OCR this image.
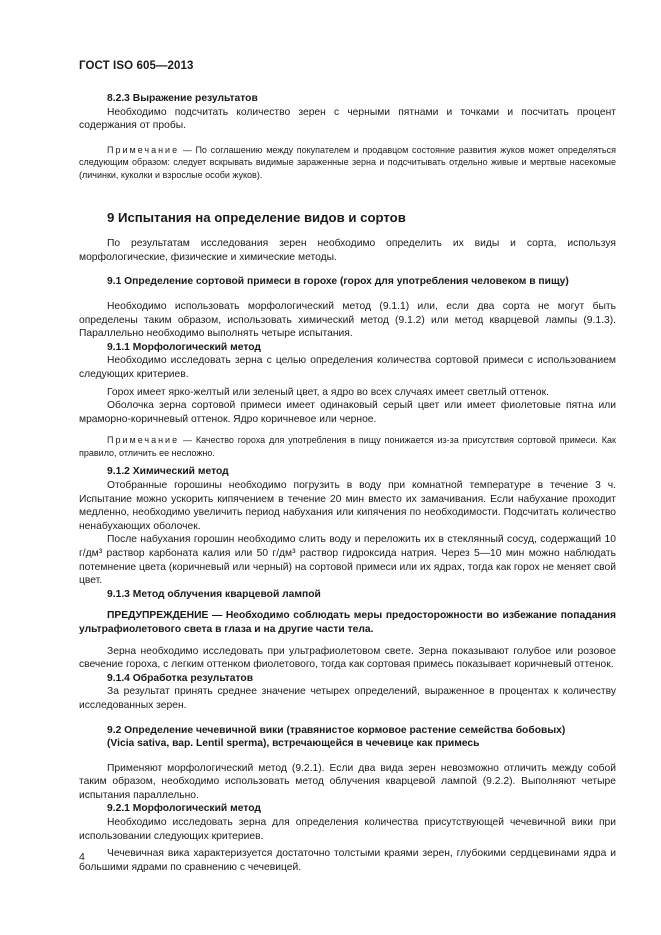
ГОСТ ISO 605—2013

8.2.3 Выражение результатов

Необходимо подсчитать количество зерен с черными пятнами и точками и посчитать процент содержания от пробы.

Примечание — По соглашению между покупателем и продавцом состояние развития жуков может определяться следующим образом: следует вскрывать видимые зараженные зерна и подсчитывать отдельно живые и мертвые насекомые (личинки, куколки и взрослые особи жуков).

9 Испытания на определение видов и сортов

По результатам исследования зерен необходимо определить их виды и сорта, используя морфологические, физические и химические методы.

9.1 Определение сортовой примеси в горохе (горох для употребления человеком в пищу)

Необходимо использовать морфологический метод (9.1.1) или, если два сорта не могут быть определены таким образом, использовать химический метод (9.1.2) или метод кварцевой лампы (9.1.3). Параллельно необходимо выполнять четыре испытания.

9.1.1 Морфологический метод

Необходимо исследовать зерна с целью определения количества сортовой примеси с использованием следующих критериев.

Горох имеет ярко-желтый или зеленый цвет, а ядро во всех случаях имеет светлый оттенок.

Оболочка зерна сортовой примеси имеет одинаковый серый цвет или имеет фиолетовые пятна или мраморно-коричневый оттенок. Ядро коричневое или черное.

Примечание — Качество гороха для употребления в пищу понижается из-за присутствия сортовой примеси. Как правило, отличить ее несложно.

9.1.2 Химический метод

Отобранные горошины необходимо погрузить в воду при комнатной температуре в течение 3 ч. Испытание можно ускорить кипячением в течение 20 мин вместо их замачивания. Если набухание проходит медленно, необходимо увеличить период набухания или кипячения по необходимости. Подсчитать количество ненабухающих оболочек.

После набухания горошин необходимо слить воду и переложить их в стеклянный сосуд, содержащий 10 г/дм³ раствор карбоната калия или 50 г/дм³ раствор гидроксида натрия. Через 5—10 мин можно наблюдать потемнение цвета (коричневый или черный) на сортовой примеси или их ядрах, тогда как горох не меняет свой цвет.

9.1.3 Метод облучения кварцевой лампой

ПРЕДУПРЕЖДЕНИЕ — Необходимо соблюдать меры предосторожности во избежание попадания ультрафиолетового света в глаза и на другие части тела.

Зерна необходимо исследовать при ультрафиолетовом свете. Зерна показывают голубое или розовое свечение гороха, с легким оттенком фиолетового, тогда как сортовая примесь показывает коричневый оттенок.

9.1.4 Обработка результатов

За результат принять среднее значение четырех определений, выраженное в процентах к количеству исследованных зерен.

9.2 Определение чечевичной вики (травянистое кормовое растение семейства бобовых)

(Vicia sativa, вар. Lentil sperma), встречающейся в чечевице как примесь

Применяют морфологический метод (9.2.1). Если два вида зерен невозможно отличить между собой таким образом, необходимо использовать метод облучения кварцевой лампой (9.2.2). Выполняют четыре испытания параллельно.

9.2.1 Морфологический метод

Необходимо исследовать зерна для определения количества присутствующей чечевичной вики при использовании следующих критериев.

Чечевичная вика характеризуется достаточно толстыми краями зерен, глубокими сердцевинами ядра и большими ядрами по сравнению с чечевицей.

4
